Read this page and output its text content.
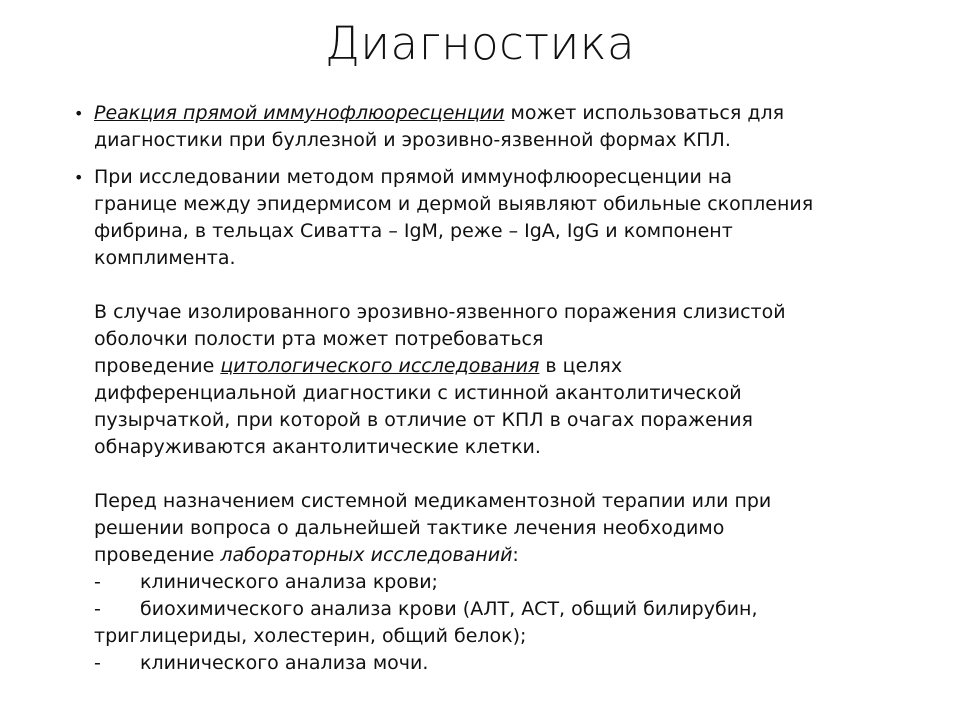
Диагностика
• Реакция прямой иммунофлюоресценции может использоваться для
диагностики при буллезной и эрозивно-язвенной формах КПЛ.

• При исследовании методом прямой иммунофлюоресценции на
границе между эпидермисом и дермой выявляют обильные скопления
фибрина, в тельцах Сиватта – IgM, реже – IgA, IgG и компонент
комплимента.
В случае изолированного эрозивно-язвенного поражения слизистой
оболочки полости рта может потребоваться
проведение цитологического исследования в целях
дифференциальной диагностики с истинной акантолитической
пузырчаткой, при которой в отличие от КПЛ в очагах поражения
обнаруживаются акантолитические клетки.
Перед назначением системной медикаментозной терапии или при
решении вопроса о дальнейшей тактике лечения необходимо
проведение лабораторных исследований:
- клинического анализа крови;
- биохимического анализа крови (АЛТ, АСТ, общий билирубин,
триглицериды, холестерин, общий белок);
- клинического анализа мочи.
